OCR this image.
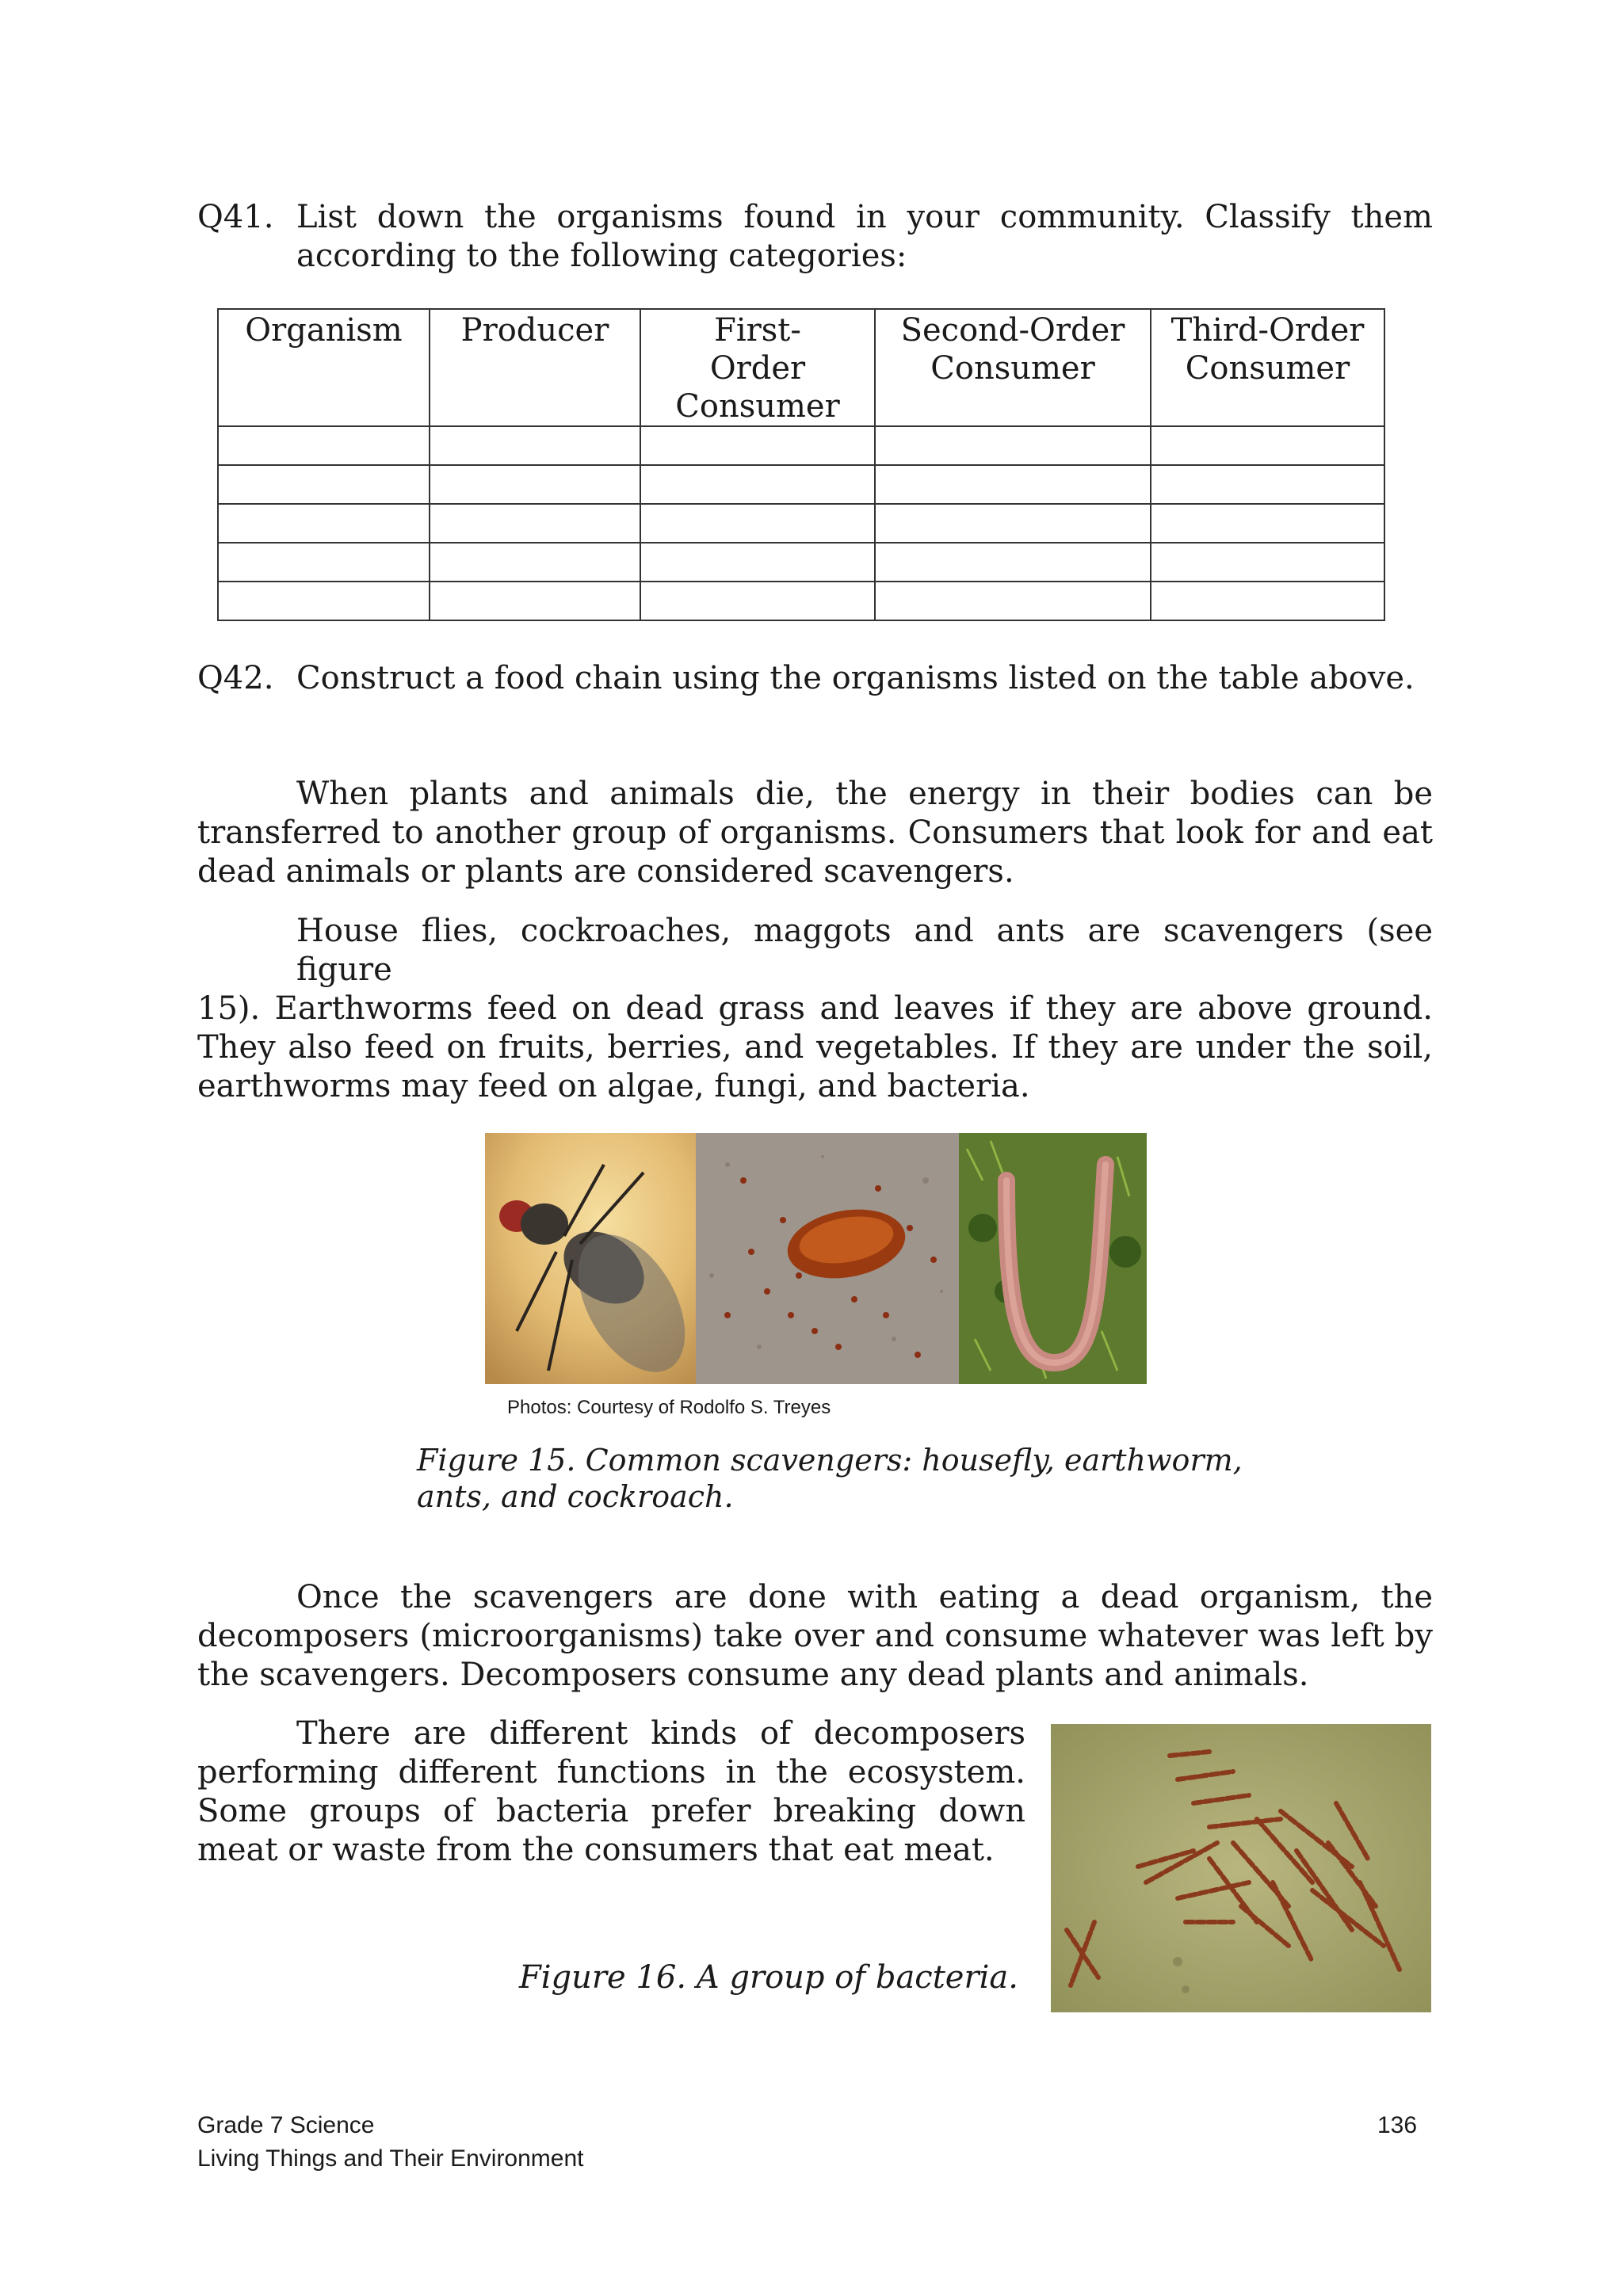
Q41. List down the organisms found in your community. Classify them
according to the following categories:
Organism	Producer	First-Order Consumer	Second-Order Consumer	Third-Order Consumer

Q42. Construct a food chain using the organisms listed on the table above.
When plants and animals die, the energy in their bodies can be
transferred to another group of organisms. Consumers that look for and eat
dead animals or plants are considered scavengers.
House flies, cockroaches, maggots and ants are scavengers (see figure
15). Earthworms feed on dead grass and leaves if they are above ground.
They also feed on fruits, berries, and vegetables. If they are under the soil,
earthworms may feed on algae, fungi, and bacteria.
Photos: Courtesy of Rodolfo S. Treyes
Figure 15. Common scavengers: housefly, earthworm,
ants, and cockroach.
Once the scavengers are done with eating a dead organism, the
decomposers (microorganisms) take over and consume whatever was left by
the scavengers. Decomposers consume any dead plants and animals.
There are different kinds of decomposers
performing different functions in the ecosystem.
Some groups of bacteria prefer breaking down
meat or waste from the consumers that eat meat.
Figure 16. A group of bacteria.
Grade 7 Science
Living Things and Their Environment
136
